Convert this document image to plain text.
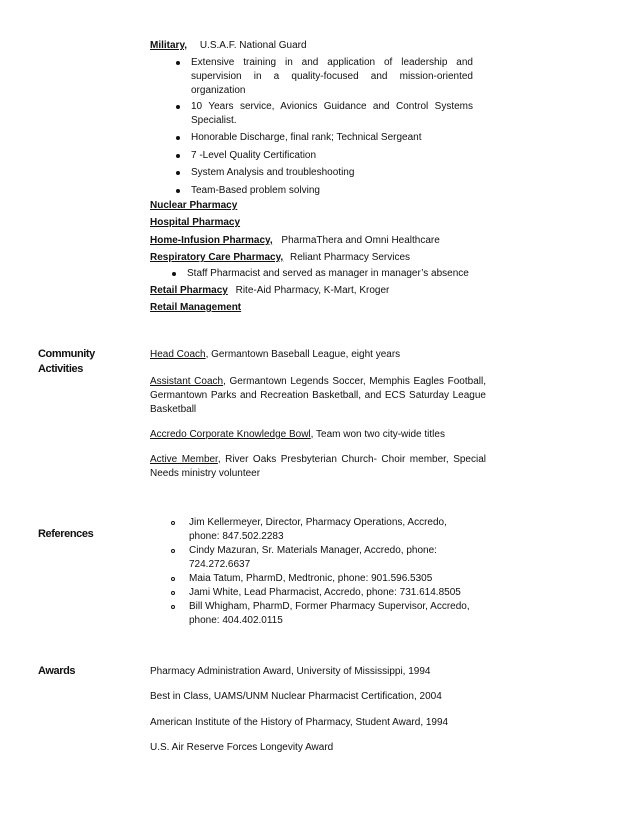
Military, U.S.A.F. National Guard
Extensive training in and application of leadership and
supervision in a quality-focused and mission-oriented
organization
10 Years service, Avionics Guidance and Control Systems
Specialist.
Honorable Discharge, final rank; Technical Sergeant
7 -Level Quality Certification
System Analysis and troubleshooting
Team-Based problem solving
Nuclear Pharmacy
Hospital Pharmacy
Home-Infusion Pharmacy, PharmaThera and Omni Healthcare
Respiratory Care Pharmacy, Reliant Pharmacy Services
Staff Pharmacist and served as manager in manager’s absence
Retail Pharmacy Rite-Aid Pharmacy, K-Mart, Kroger
Retail Management
Community
Activities
Head Coach, Germantown Baseball League, eight years
Assistant Coach, Germantown Legends Soccer, Memphis Eagles Football,
Germantown Parks and Recreation Basketball, and ECS Saturday League
Basketball
Accredo Corporate Knowledge Bowl, Team won two city-wide titles
Active Member, River Oaks Presbyterian Church- Choir member, Special
Needs ministry volunteer
References
Jim Kellermeyer, Director, Pharmacy Operations, Accredo,
phone: 847.502.2283
Cindy Mazuran, Sr. Materials Manager, Accredo, phone:
724.272.6637
Maia Tatum, PharmD, Medtronic, phone: 901.596.5305
Jami White, Lead Pharmacist, Accredo, phone: 731.614.8505
Bill Whigham, PharmD, Former Pharmacy Supervisor, Accredo,
phone: 404.402.0115
Awards	Pharmacy Administration Award, University of Mississippi, 1994
Best in Class, UAMS/UNM Nuclear Pharmacist Certification, 2004
American Institute of the History of Pharmacy, Student Award, 1994
U.S. Air Reserve Forces Longevity Award
